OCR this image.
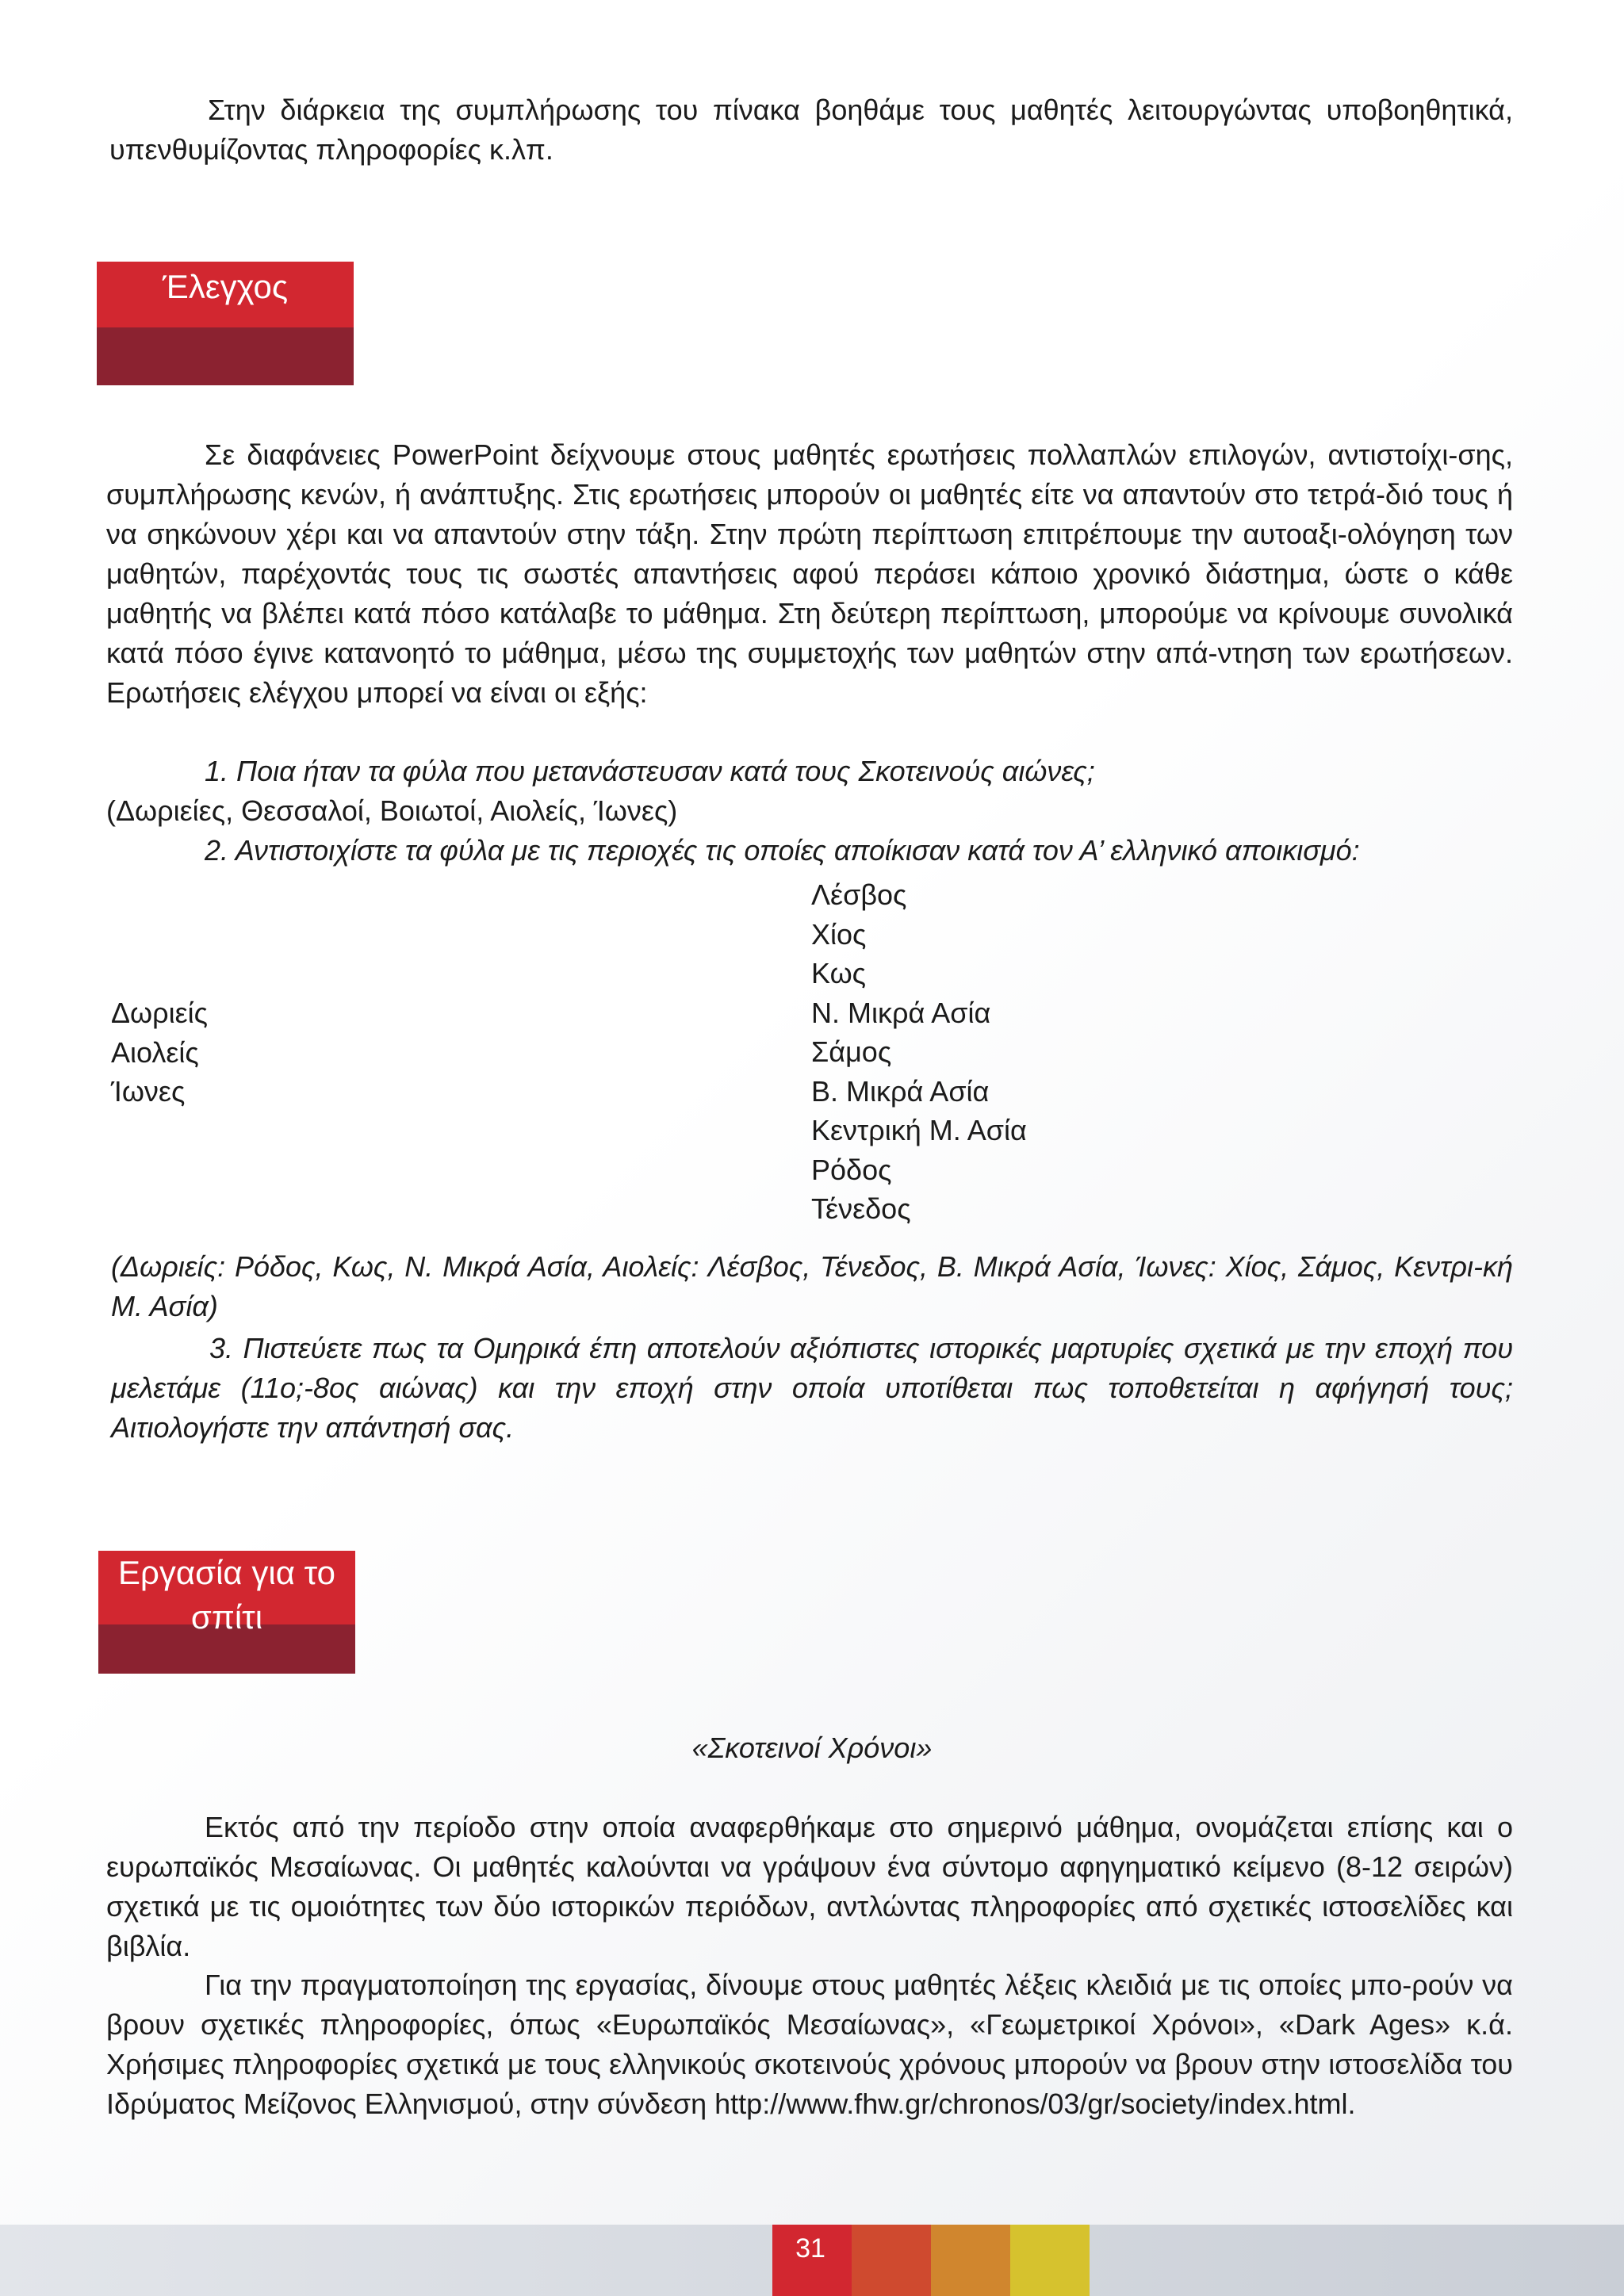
Στην διάρκεια της συμπλήρωσης του πίνακα βοηθάμε τους μαθητές λειτουργώντας υποβοηθητικά, υπενθυμίζοντας πληροφορίες κ.λπ.

Έλεγχος

Σε διαφάνειες PowerPoint δείχνουμε στους μαθητές ερωτήσεις πολλαπλών επιλογών, αντιστοίχι-σης, συμπλήρωσης κενών, ή ανάπτυξης. Στις ερωτήσεις μπορούν οι μαθητές είτε να απαντούν στο τετρά-διό τους ή να σηκώνουν χέρι και να απαντούν στην τάξη. Στην πρώτη περίπτωση επιτρέπουμε την αυτοαξι-ολόγηση των μαθητών, παρέχοντάς τους τις σωστές απαντήσεις αφού περάσει κάποιο χρονικό διάστημα, ώστε ο κάθε μαθητής να βλέπει κατά πόσο κατάλαβε το μάθημα. Στη δεύτερη περίπτωση, μπορούμε να κρίνουμε συνολικά κατά πόσο έγινε κατανοητό το μάθημα, μέσω της συμμετοχής των μαθητών στην απά-ντηση των ερωτήσεων. Ερωτήσεις ελέγχου μπορεί να είναι οι εξής:

1. Ποια ήταν τα φύλα που μετανάστευσαν κατά τους Σκοτεινούς αιώνες;

(Δωριείες, Θεσσαλοί, Βοιωτοί, Αιολείς, Ίωνες)

2. Αντιστοιχίστε τα φύλα με τις περιοχές τις οποίες αποίκισαν κατά τον Α’ ελληνικό αποικισμό:

Λέσβος
Χίος
Κως
Ν. Μικρά Ασία
Σάμος
Β. Μικρά Ασία
Κεντρική Μ. Ασία
Ρόδος
Τένεδος
Δωριείς
Αιολείς
Ίωνες

(Δωριείς: Ρόδος, Κως, Ν. Μικρά Ασία, Αιολείς: Λέσβος, Τένεδος, Β. Μικρά Ασία, Ίωνες: Χίος, Σάμος, Κεντρι-κή Μ. Ασία)

3. Πιστεύετε πως τα Ομηρικά έπη αποτελούν αξιόπιστες ιστορικές μαρτυρίες σχετικά με την εποχή που μελετάμε (11ο;-8ος αιώνας) και την εποχή στην οποία υποτίθεται πως τοποθετείται η αφήγησή τους; Αιτιολογήστε την απάντησή σας.

Εργασία για το
σπίτι

«Σκοτεινοί Χρόνοι»

Εκτός από την περίοδο στην οποία αναφερθήκαμε στο σημερινό μάθημα, ονομάζεται επίσης και ο ευρωπαϊκός Μεσαίωνας. Οι μαθητές καλούνται να γράψουν ένα σύντομο αφηγηματικό κείμενο (8-12 σειρών) σχετικά με τις ομοιότητες των δύο ιστορικών περιόδων, αντλώντας πληροφορίες από σχετικές ιστοσελίδες και βιβλία.

Για την πραγματοποίηση της εργασίας, δίνουμε στους μαθητές λέξεις κλειδιά με τις οποίες μπο-ρούν να βρουν σχετικές πληροφορίες, όπως «Ευρωπαϊκός Μεσαίωνας», «Γεωμετρικοί Χρόνοι», «Dark Ages» κ.ά. Χρήσιμες πληροφορίες σχετικά με τους ελληνικούς σκοτεινούς χρόνους μπορούν να βρουν στην ιστοσελίδα του Ιδρύματος Μείζονος Ελληνισμού, στην σύνδεση http://www.fhw.gr/chronos/03/gr/society/index.html.

31
